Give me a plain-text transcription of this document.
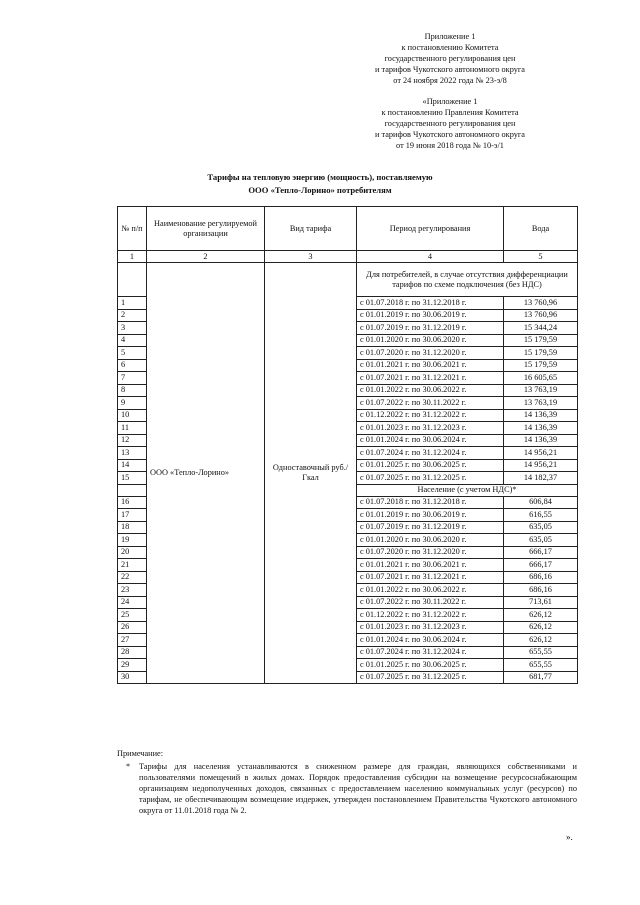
Приложение 1
к постановлению Комитета
государственного регулирования цен
и тарифов Чукотского автономного округа
от 24 ноября 2022 года № 23-э/8
«Приложение 1
к постановлению Правления Комитета
государственного регулирования цен
и тарифов Чукотского автономного округа
от 19 июня 2018 года № 10-э/1
Тарифы на тепловую энергию (мощность), поставляемую
ООО «Тепло-Лорино» потребителям
№ п/п	Наименование регулируемой организации	Вид тарифа	Период регулирования	Вода
1	2	3	4	5
	ООО «Тепло-Лорино»	Одноставочный руб./Гкал	Для потребителей, в случае отсутствия дифференциации тарифов по схеме подключения (без НДС)	
1			с 01.07.2018 г. по 31.12.2018 г.	13 760,96
2			с 01.01.2019 г. по 30.06.2019 г.	13 760,96
3			с 01.07.2019 г. по 31.12.2019 г.	15 344,24
4			с 01.01.2020 г. по 30.06.2020 г.	15 179,59
5			с 01.07.2020 г. по 31.12.2020 г.	15 179,59
6			с 01.01.2021 г. по 30.06.2021 г.	15 179,59
7			с 01.07.2021 г. по 31.12.2021 г.	16 605,65
8			с 01.01.2022 г. по 30.06.2022 г.	13 763,19
9			с 01.07.2022 г. по 30.11.2022 г.	13 763,19
10			с 01.12.2022 г. по 31.12.2022 г.	14 136,39
11			с 01.01.2023 г. по 31.12.2023 г.	14 136,39
12			с 01.01.2024 г. по 30.06.2024 г.	14 136,39
13			с 01.07.2024 г. по 31.12.2024 г.	14 956,21
14			с 01.01.2025 г. по 30.06.2025 г.	14 956,21
15			с 01.07.2025 г. по 31.12.2025 г.	14 182,37
			Население (с учетом НДС)*	
16			с 01.07.2018 г. по 31.12.2018 г.	606,84
17			с 01.01.2019 г. по 30.06.2019 г.	616,55
18			с 01.07.2019 г. по 31.12.2019 г.	635,05
19			с 01.01.2020 г. по 30.06.2020 г.	635,05
20			с 01.07.2020 г. по 31.12.2020 г.	666,17
21			с 01.01.2021 г. по 30.06.2021 г.	666,17
22			с 01.07.2021 г. по 31.12.2021 г.	686,16
23			с 01.01.2022 г. по 30.06.2022 г.	686,16
24			с 01.07.2022 г. по 30.11.2022 г.	713,61
25			с 01.12.2022 г. по 31.12.2022 г.	626,12
26			с 01.01.2023 г. по 31.12.2023 г.	626,12
27			с 01.01.2024 г. по 30.06.2024 г.	626,12
28			с 01.07.2024 г. по 31.12.2024 г.	655,55
29			с 01.01.2025 г. по 30.06.2025 г.	655,55
30			с 01.07.2025 г. по 31.12.2025 г.	681,77
Примечание:
* Тарифы для населения устанавливаются в сниженном размере для граждан, являющихся собственниками и пользователями помещений в жилых домах. Порядок предоставления субсидии на возмещение ресурсоснабжающим организациям недополученных доходов, связанных с предоставлением населению коммунальных услуг (ресурсов) по тарифам, не обеспечивающим возмещение издержек, утвержден постановлением Правительства Чукотского автономного округа от 11.01.2018 года № 2.
».
